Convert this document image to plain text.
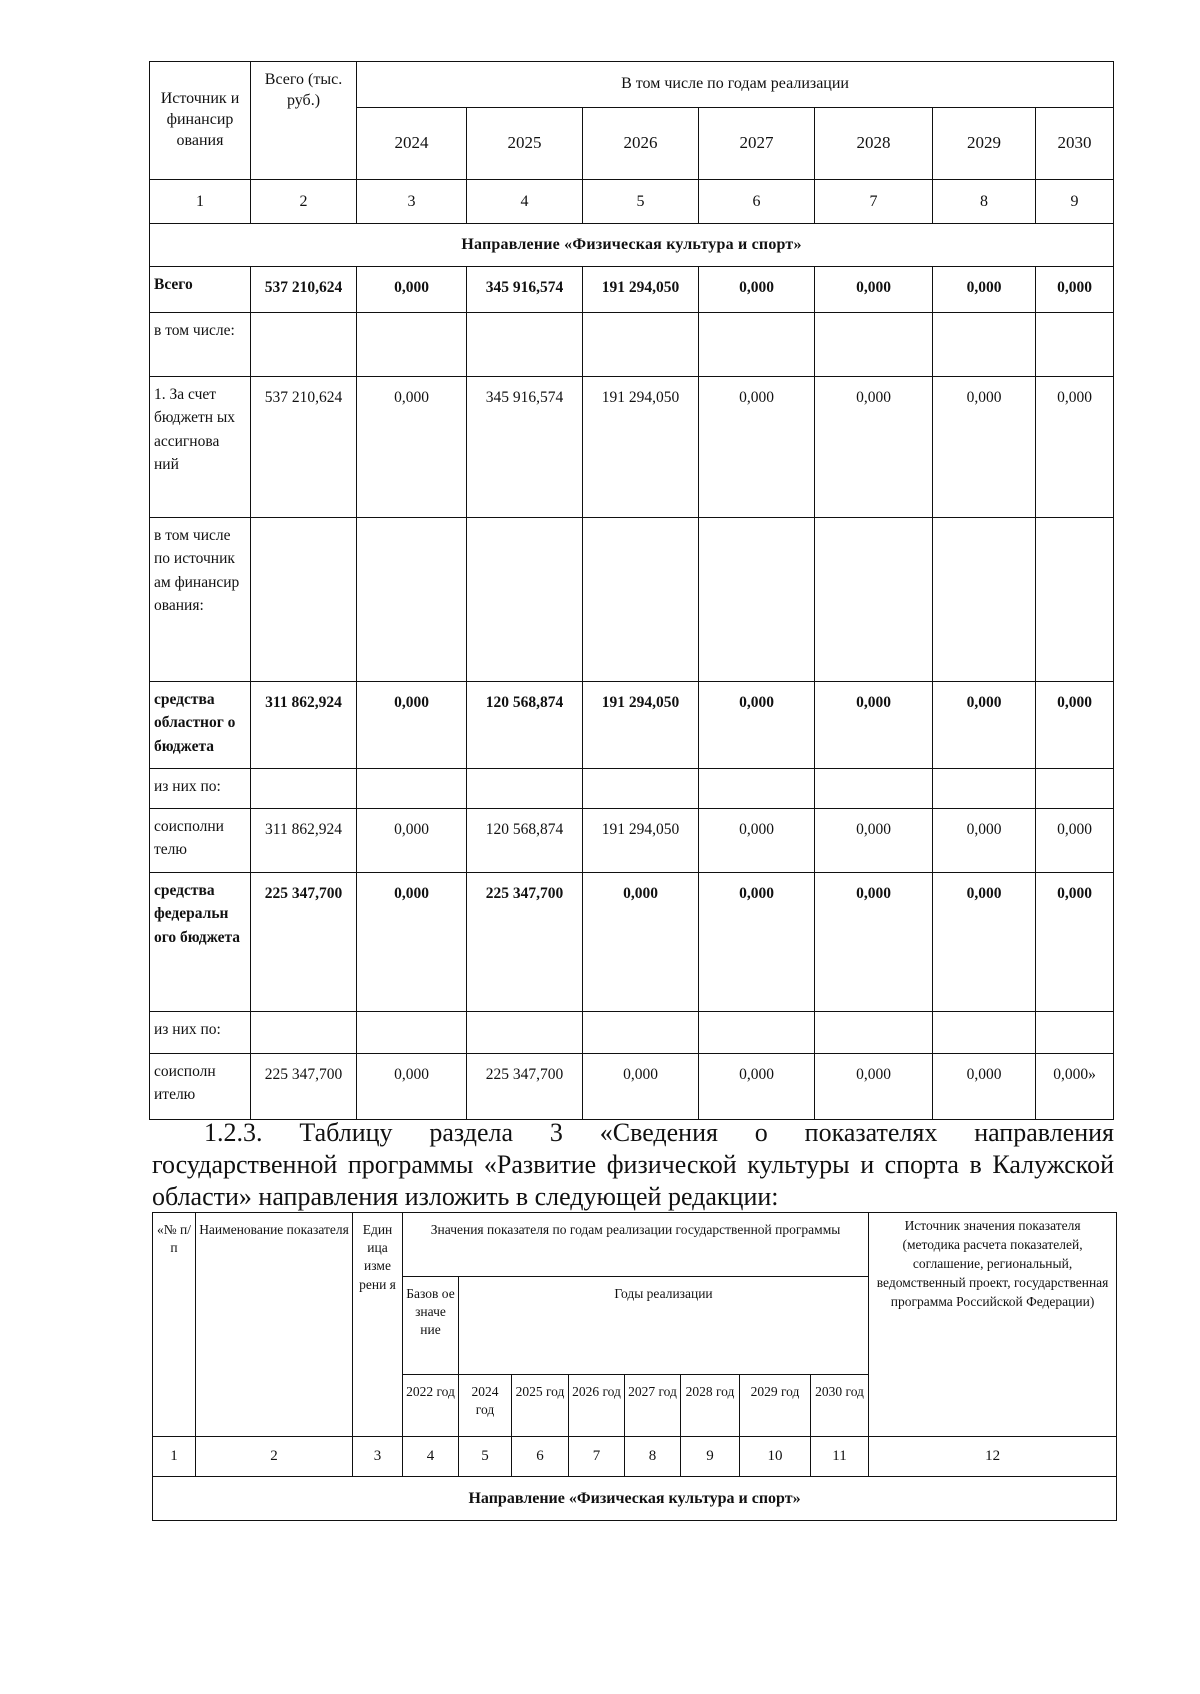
Источник и финансир ования	Всего (тыс. руб.)	В том числе по годам реализации						
		2024	2025	2026	2027	2028	2029	2030
1	2	3	4	5	6	7	8	9
Направление «Физическая культура и спорт»								
Всего	537 210,624	0,000	345 916,574	191 294,050	0,000	0,000	0,000	0,000
в том числе:								
1. За счет бюджетн ых ассигнова ний	537 210,624	0,000	345 916,574	191 294,050	0,000	0,000	0,000	0,000
в том числе по источник ам финансир ования:								
средства областног о бюджета	311 862,924	0,000	120 568,874	191 294,050	0,000	0,000	0,000	0,000
из них по:								
соисполни телю	311 862,924	0,000	120 568,874	191 294,050	0,000	0,000	0,000	0,000
средства федеральн ого бюджета	225 347,700	0,000	225 347,700	0,000	0,000	0,000	0,000	0,000
из них по:								
соисполн ителю	225 347,700	0,000	225 347,700	0,000	0,000	0,000	0,000	0,000»
1.2.3. Таблицу раздела 3 «Сведения о показателях направления
государственной программы «Развитие физической культуры и спорта в Калужской области» направления изложить в следующей редакции:
«№ п/п	Наименование показателя	Един ица изме рени я	Значения показателя по годам реализации государственной программы								Источник значения показателя (методика расчета показателей, соглашение, региональный, ведомственный проект, государственная программа Российской Федерации)
			Базов ое значе ние	Годы реализации							
			2022 год	2024 год	2025 год	2026 год	2027 год	2028 год	2029 год	2030 год	
1	2	3	4	5	6	7	8	9	10	11	12
Направление «Физическая культура и спорт»											
